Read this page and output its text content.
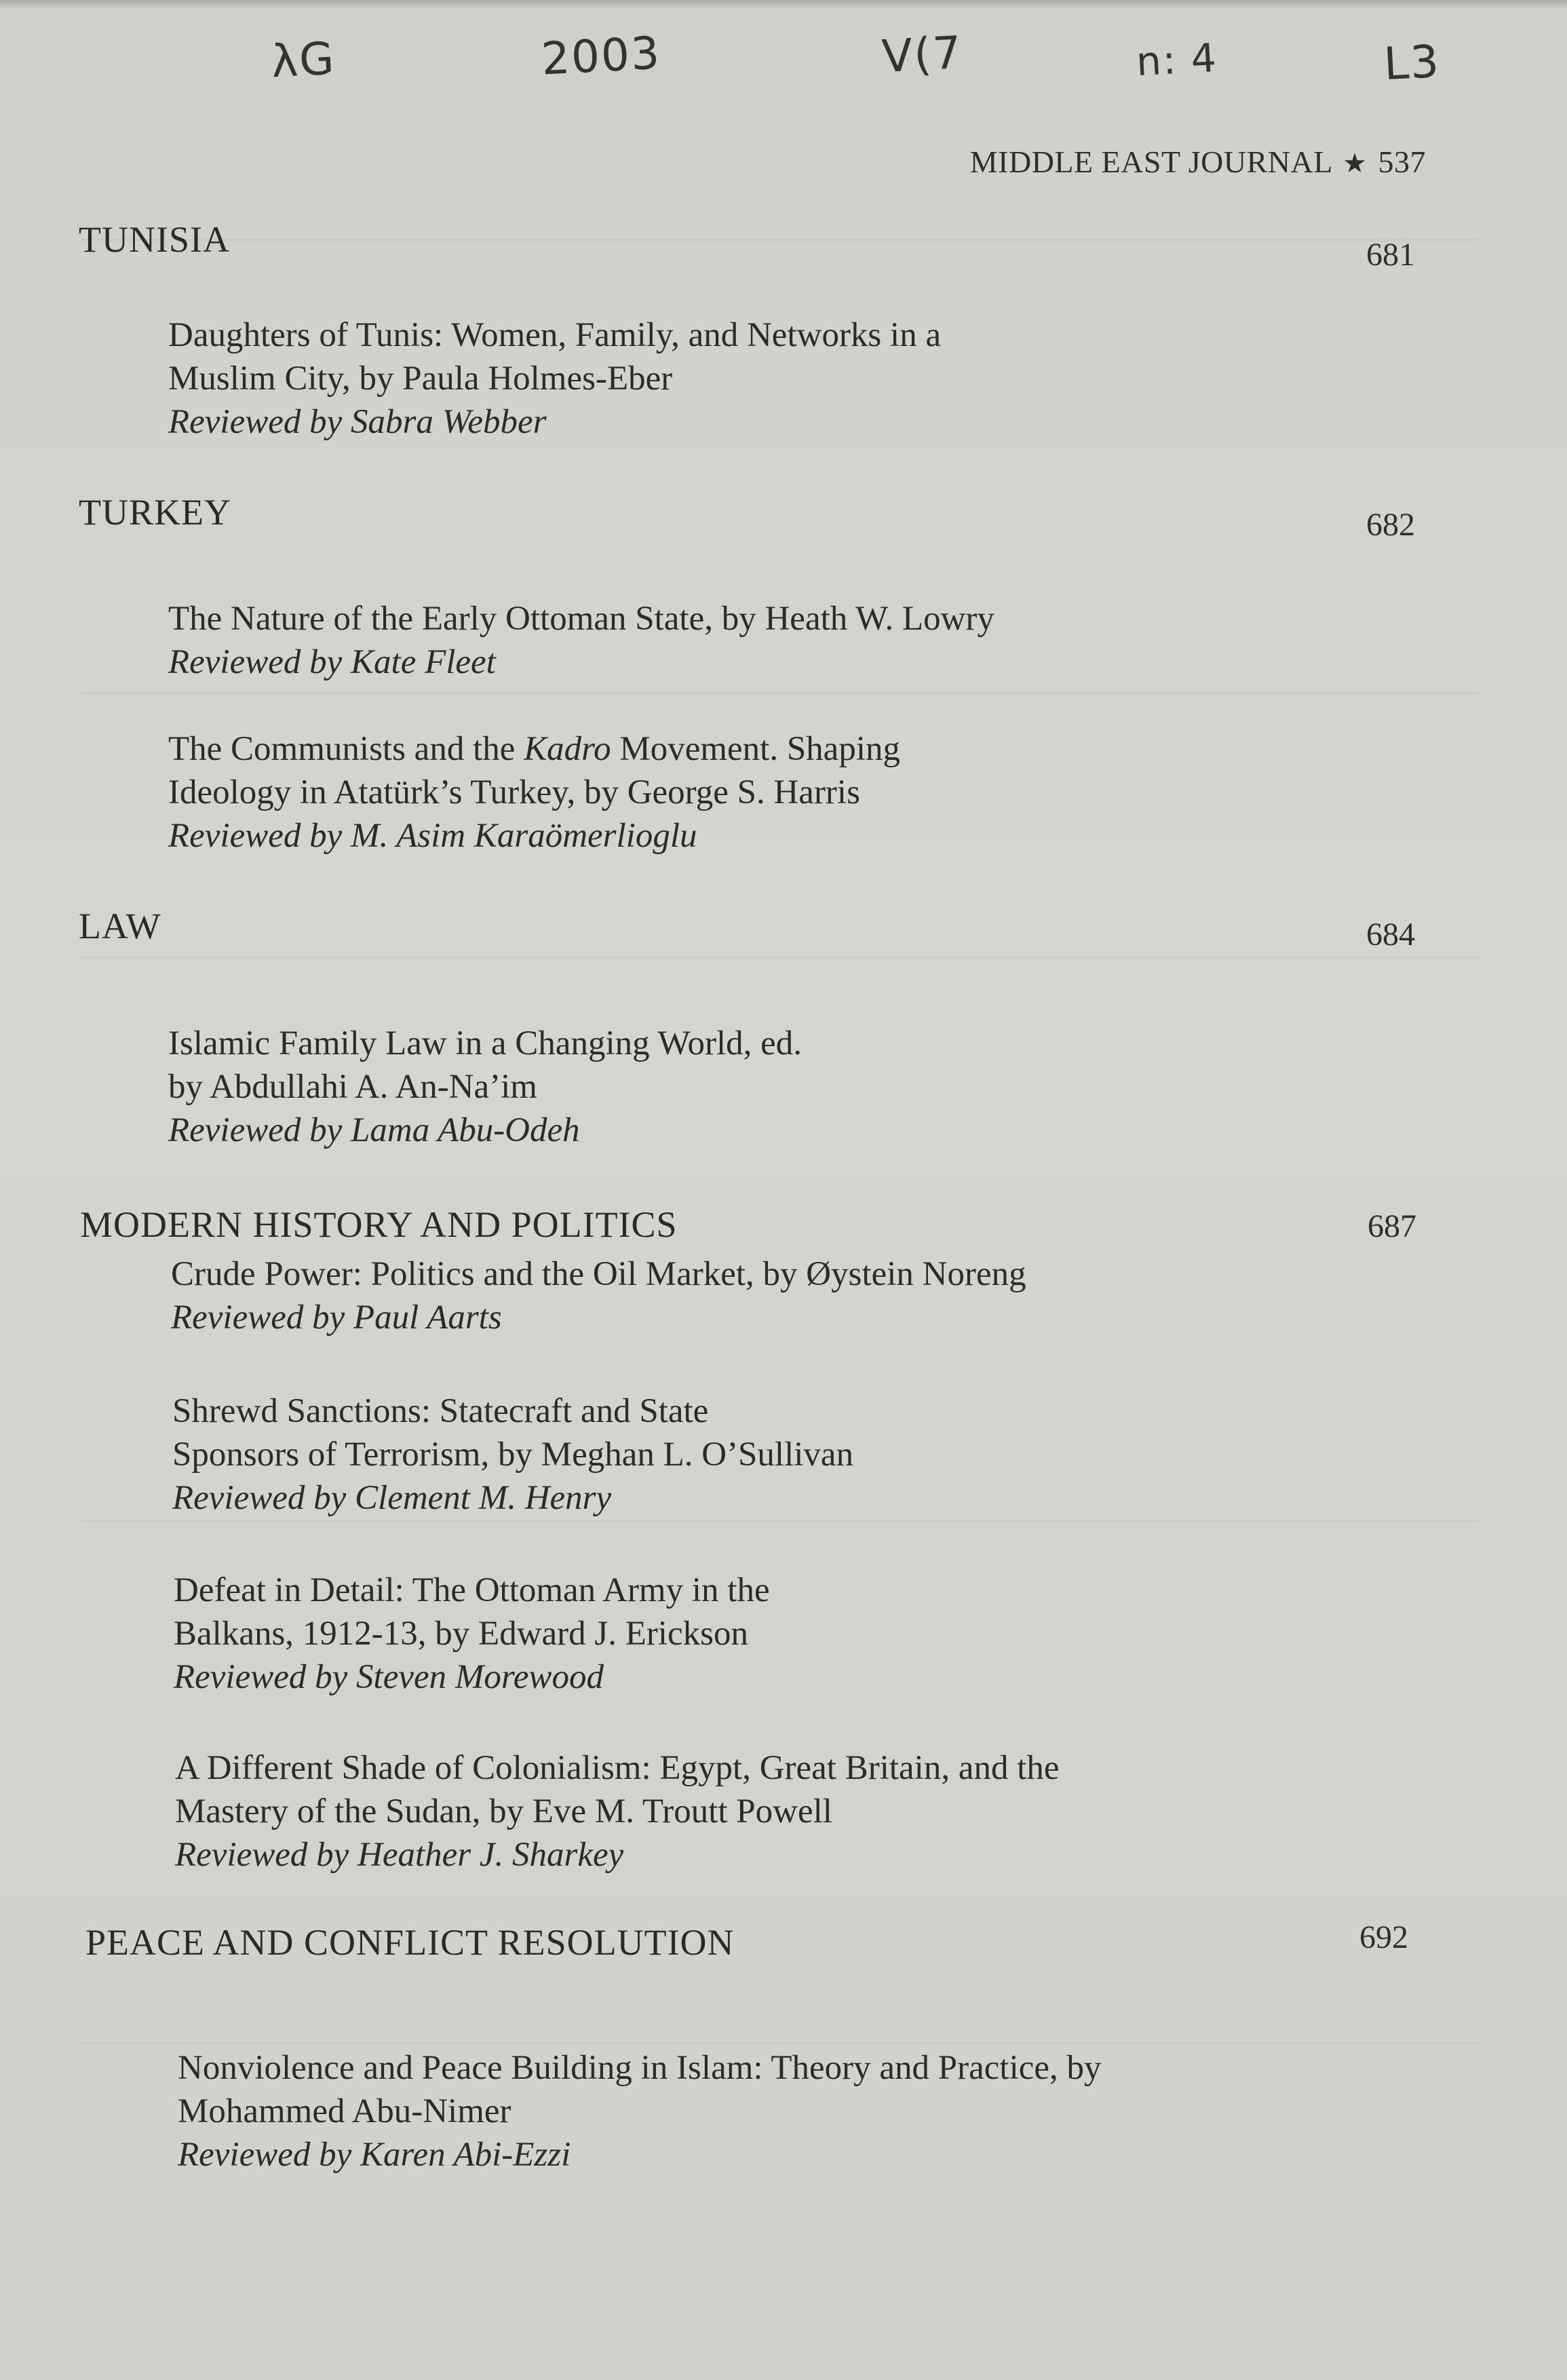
λG	2003	V(7	n: 4	L3
MIDDLE EAST JOURNAL ★ 537
TUNISIA	681
Daughters of Tunis: Women, Family, and Networks in a
Muslim City, by Paula Holmes-Eber
Reviewed by Sabra Webber
TURKEY	682
The Nature of the Early Ottoman State, by Heath W. Lowry
Reviewed by Kate Fleet
The Communists and the Kadro Movement. Shaping
Ideology in Atatürk’s Turkey, by George S. Harris
Reviewed by M. Asim Karaömerlioglu
LAW	684
Islamic Family Law in a Changing World, ed.
by Abdullahi A. An-Na’im
Reviewed by Lama Abu-Odeh
MODERN HISTORY AND POLITICS	687
Crude Power: Politics and the Oil Market, by Øystein Noreng
Reviewed by Paul Aarts
Shrewd Sanctions: Statecraft and State
Sponsors of Terrorism, by Meghan L. O’Sullivan
Reviewed by Clement M. Henry
Defeat in Detail: The Ottoman Army in the
Balkans, 1912-13, by Edward J. Erickson
Reviewed by Steven Morewood
A Different Shade of Colonialism: Egypt, Great Britain, and the
Mastery of the Sudan, by Eve M. Troutt Powell
Reviewed by Heather J. Sharkey
PEACE AND CONFLICT RESOLUTION	692
Nonviolence and Peace Building in Islam: Theory and Practice, by
Mohammed Abu-Nimer
Reviewed by Karen Abi-Ezzi
